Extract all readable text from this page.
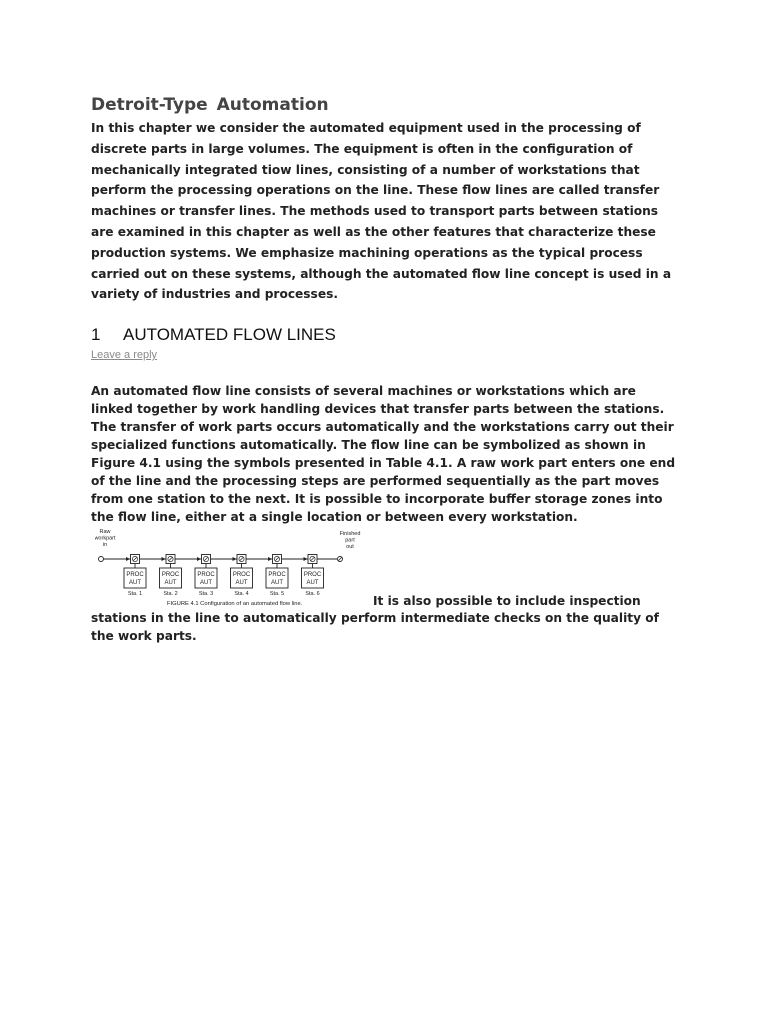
Detroit-Type Automation

In this chapter we consider the automated equipment used in the processing of discrete parts in large volumes. The equipment is often in the configuration of mechanically integrated tiow lines, consisting of a number of workstations that perform the processing operations on the line. These flow lines are called transfer machines or transfer lines. The methods used to transport parts between stations are examined in this chapter as well as the other features that characterize these production systems. We emphasize machining operations as the typical process carried out on these systems, although the automated flow line concept is used in a variety of industries and processes.

1 AUTOMATED FLOW LINES
Leave a reply

An automated flow line consists of several machines or workstations which are linked together by work handling devices that transfer parts between the stations. The transfer of work parts occurs automatically and the workstations carry out their specialized functions automatically. The flow line can be symbolized as shown in Figure 4.1 using the symbols presented in Table 4.1. A raw work part enters one end of the line and the processing steps are performed sequentially as the part moves from one station to the next. It is possible to incorporate buffer storage zones into the flow line, either at a single location or between every workstation.

Raw
workpart
in
Finished
part
out
PROC
AUT
Sta. 1
PROC
AUT
Sta. 2
PROC
AUT
Sta. 3
PROC
AUT
Sta. 4
PROC
AUT
Sta. 5
PROC
AUT
Sta. 6
FIGURE 4.1 Configuration of an automated flow line.	It is also possible to include inspection

stations in the line to automatically perform intermediate checks on the quality of the work parts.
